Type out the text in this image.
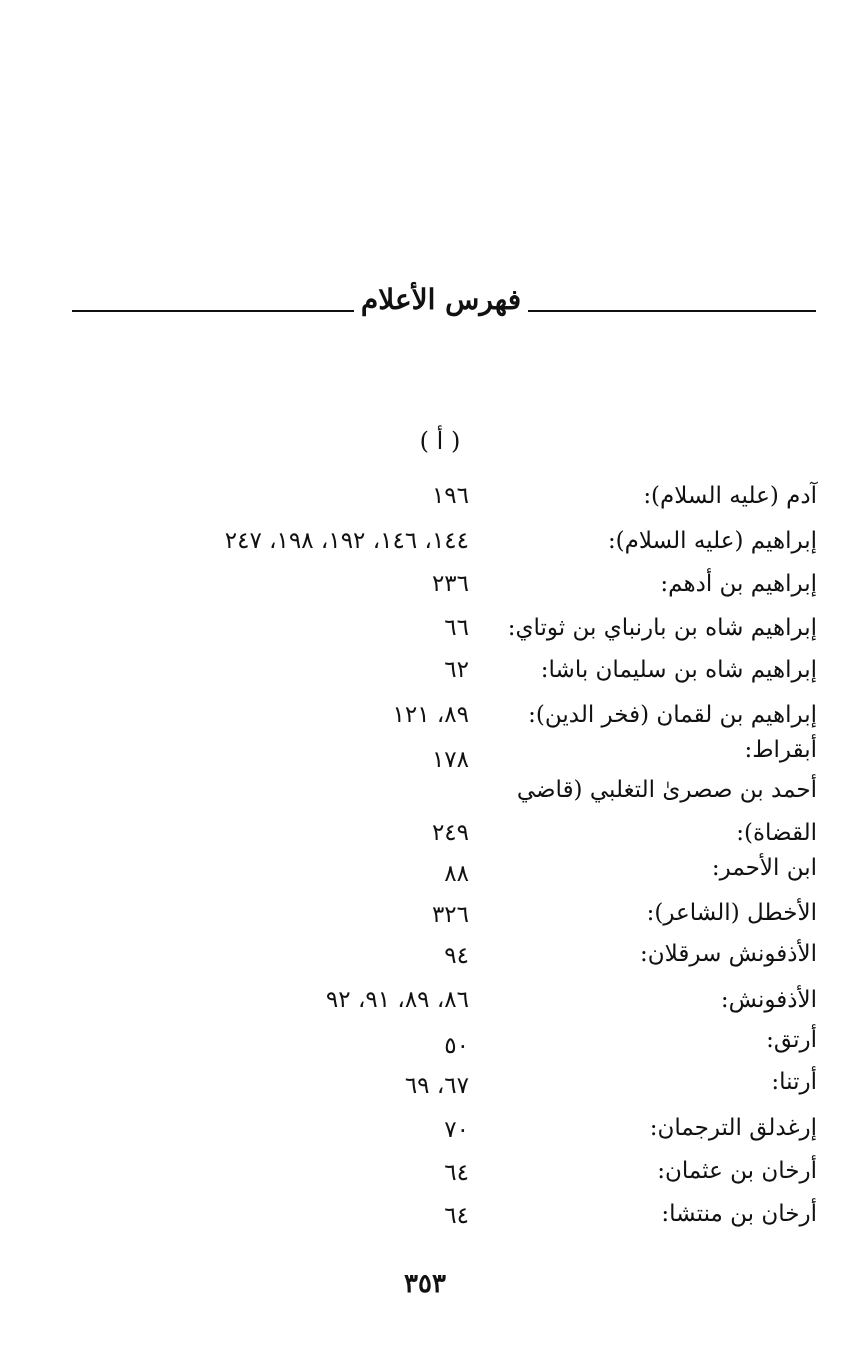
فهرس الأعلام
( أ )
آدم (عليه السلام):
١٩٦
إبراهيم (عليه السلام):
١٤٤، ١٤٦، ١٩٢، ١٩٨، ٢٤٧
إبراهيم بن أدهم:
٢٣٦
إبراهيم شاه بن بارنباي بن ثوتاي:
٦٦
إبراهيم شاه بن سليمان باشا:
٦٢
إبراهيم بن لقمان (فخر الدين):
٨٩، ١٢١
أبقراط:
١٧٨
أحمد بن صصرىٰ التغلبي (قاضي
القضاة):
٢٤٩
ابن الأحمر:
٨٨
الأخطل (الشاعر):
٣٢٦
الأذفونش سرقلان:
٩٤
الأذفونش:
٨٦، ٨٩، ٩١، ٩٢
أرتق:
٥٠
أرتنا:
٦٧، ٦٩
إرغدلق الترجمان:
٧٠
أرخان بن عثمان:
٦٤
أرخان بن منتشا:
٦٤
٣٥٣
